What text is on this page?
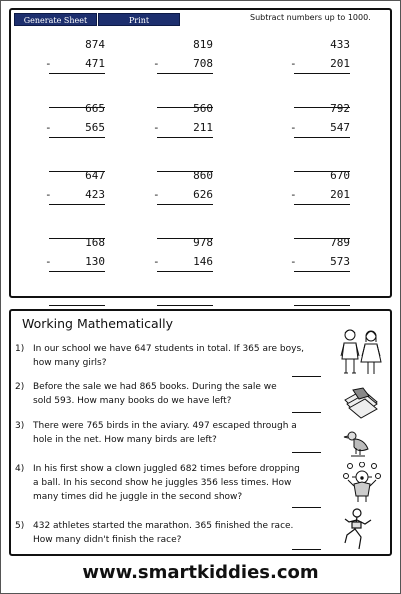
Generate Sheet	Print	Subtract numbers up to 1000.
874
-	471
819
-	708
433
-	201
665
-	565
560
-	211
792
-	547
647
-	423
860
-	626
670
-	201
168
-	130
978
-	146
789
-	573
Working Mathematically
1) In our school we have 647 students in total. If 365 are boys,
how many girls?
2) Before the sale we had 865 books. During the sale we
sold 593. How many books do we have left?
3) There were 765 birds in the aviary. 497 escaped through a
hole in the net. How many birds are left?
4) In his first show a clown juggled 682 times before dropping
a ball. In his second show he juggles 356 less times. How
many times did he juggle in the second show?
5) 432 athletes started the marathon. 365 finished the race.
How many didn't finish the race?
www.smartkiddies.com
